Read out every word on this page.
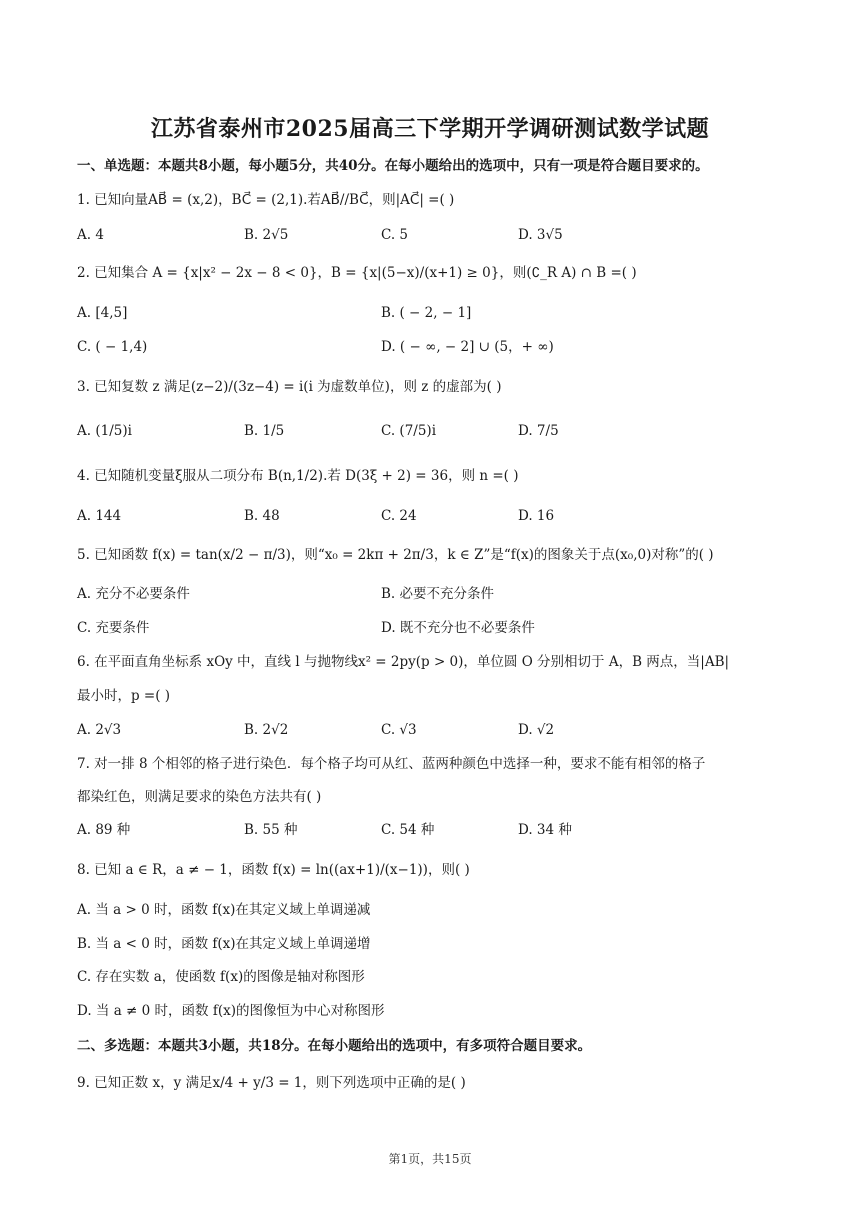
江苏省泰州市2025届高三下学期开学调研测试数学试题
一、单选题：本题共8小题，每小题5分，共40分。在每小题给出的选项中，只有一项是符合题目要求的。
1. 已知向量AB⃗ = (x,2)，BC⃗ = (2,1).若AB⃗//BC⃗，则|AC⃗| =( )
A. 4	B. 2√5	C. 5	D. 3√5
2. 已知集合 A = {x|x² − 2x − 8 < 0}，B = {x|(5−x)/(x+1) ≥ 0}，则(∁_R A) ∩ B =( )
A. [4,5]	B. ( − 2, − 1]
C. ( − 1,4)	D. ( − ∞, − 2] ∪ (5，+ ∞)
3. 已知复数 z 满足(z−2)/(3z−4) = i(i 为虚数单位)，则 z 的虚部为( )
A. (1/5)i	B. 1/5	C. (7/5)i	D. 7/5
4. 已知随机变量ξ服从二项分布 B(n,1/2).若 D(3ξ + 2) = 36，则 n =( )
A. 144	B. 48	C. 24	D. 16
5. 已知函数 f(x) = tan(x/2 − π/3)，则“x₀ = 2kπ + 2π/3，k ∈ Z”是“f(x)的图象关于点(x₀,0)对称”的( )
A. 充分不必要条件	B. 必要不充分条件
C. 充要条件	D. 既不充分也不必要条件
6. 在平面直角坐标系 xOy 中，直线 l 与抛物线x² = 2py(p > 0)，单位圆 O 分别相切于 A，B 两点，当|AB|
最小时，p =( )
A. 2√3	B. 2√2	C. √3	D. √2
7. 对一排 8 个相邻的格子进行染色．每个格子均可从红、蓝两种颜色中选择一种，要求不能有相邻的格子
都染红色，则满足要求的染色方法共有( )
A. 89 种	B. 55 种	C. 54 种	D. 34 种
8. 已知 a ∈ R，a ≠ − 1，函数 f(x) = ln((ax+1)/(x−1))，则( )
A. 当 a > 0 时，函数 f(x)在其定义域上单调递减
B. 当 a < 0 时，函数 f(x)在其定义域上单调递增
C. 存在实数 a，使函数 f(x)的图像是轴对称图形
D. 当 a ≠ 0 时，函数 f(x)的图像恒为中心对称图形
二、多选题：本题共3小题，共18分。在每小题给出的选项中，有多项符合题目要求。
9. 已知正数 x，y 满足x/4 + y/3 = 1，则下列选项中正确的是( )
第1页，共15页
